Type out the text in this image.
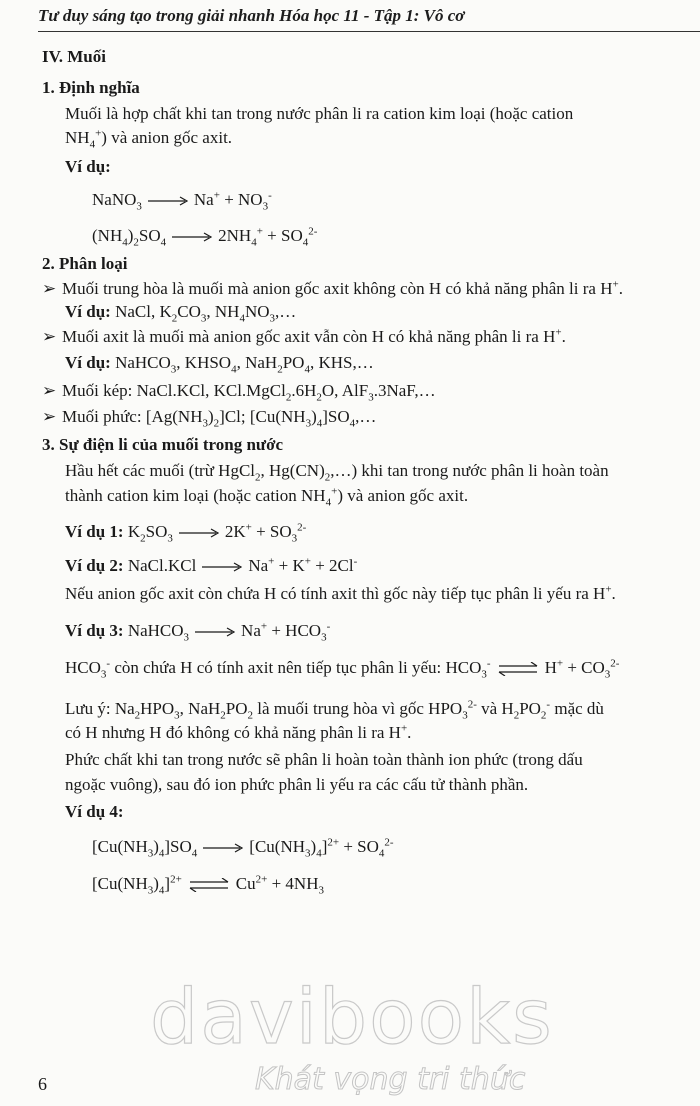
Tư duy sáng tạo trong giải nhanh Hóa học 11 - Tập 1: Vô cơ
IV. Muối
1. Định nghĩa
Muối là hợp chất khi tan trong nước phân li ra cation kim loại (hoặc cation
$NH_4^+$) và anion gốc axit.
Ví dụ:
NaNO$_3$	$Na^+ + NO_3^-$
$(NH_4)_2SO_4$	$2NH_4^+ + SO_4^{2-}$
2. Phân loại
➢ Muối trung hòa là muối mà anion gốc axit không còn H có khả năng phân li ra H+.
Ví dụ: NaCl, $K_2CO_3$, $NH_4NO_3,\dots$
➢ Muối axit là muối mà anion gốc axit vẫn còn H có khả năng phân li ra H+.
Ví dụ: NaHCO$_3$, $KHSO_4$, $NaH_2PO_4$, KHS,…
➢ Muối kép: NaCl.KCl, $KCl.MgCl_2.6H_2O$, AlF$_3$.3NaF,…
➢ Muối phức: $[Ag(NH_3)_2]Cl$; $[Cu(NH_3)_4]SO_4,\dots$
3. Sự điện li của muối trong nước
Hầu hết các muối (trừ HgCl$_2$, $Hg(CN)_2,\dots$) khi tan trong nước phân li hoàn toàn
thành cation kim loại (hoặc cation $NH_4^+$) và anion gốc axit.
Ví dụ 1: $K_2SO_3$	$2K^+ + SO_3^{2-}$
Ví dụ 2: NaCl.KCl	Na+ + K+ + 2Cl-
Nếu anion gốc axit còn chứa H có tính axit thì gốc này tiếp tục phân li yếu ra H+.
Ví dụ 3: NaHCO$_3$	$Na^+ + HCO_3^-$
$HCO_3^-$ còn chứa H có tính axit nên tiếp tục phân li yếu: $HCO_3^-$ ⇌ $H^+ + CO_3^{2-}$
Lưu ý: $Na_2HPO_3$, $NaH_2PO_2$ là muối trung hòa vì gốc $HPO_3^{2-}$ và $H_2PO_2^-$ mặc dù
có H nhưng H đó không có khả năng phân li ra H+.
Phức chất khi tan trong nước sẽ phân li hoàn toàn thành ion phức (trong dấu
ngoặc vuông), sau đó ion phức phân li yếu ra các cấu tử thành phần.
Ví dụ 4:
$[Cu(NH_3)_4]SO_4$	$[Cu(NH_3)_4]^{2+} + SO_4^{2-}$
$[Cu(NH_3)_4]^{2+}$ ⇌ $Cu^{2+} + 4NH_3$
davibooks
Khát vọng tri thức
6
